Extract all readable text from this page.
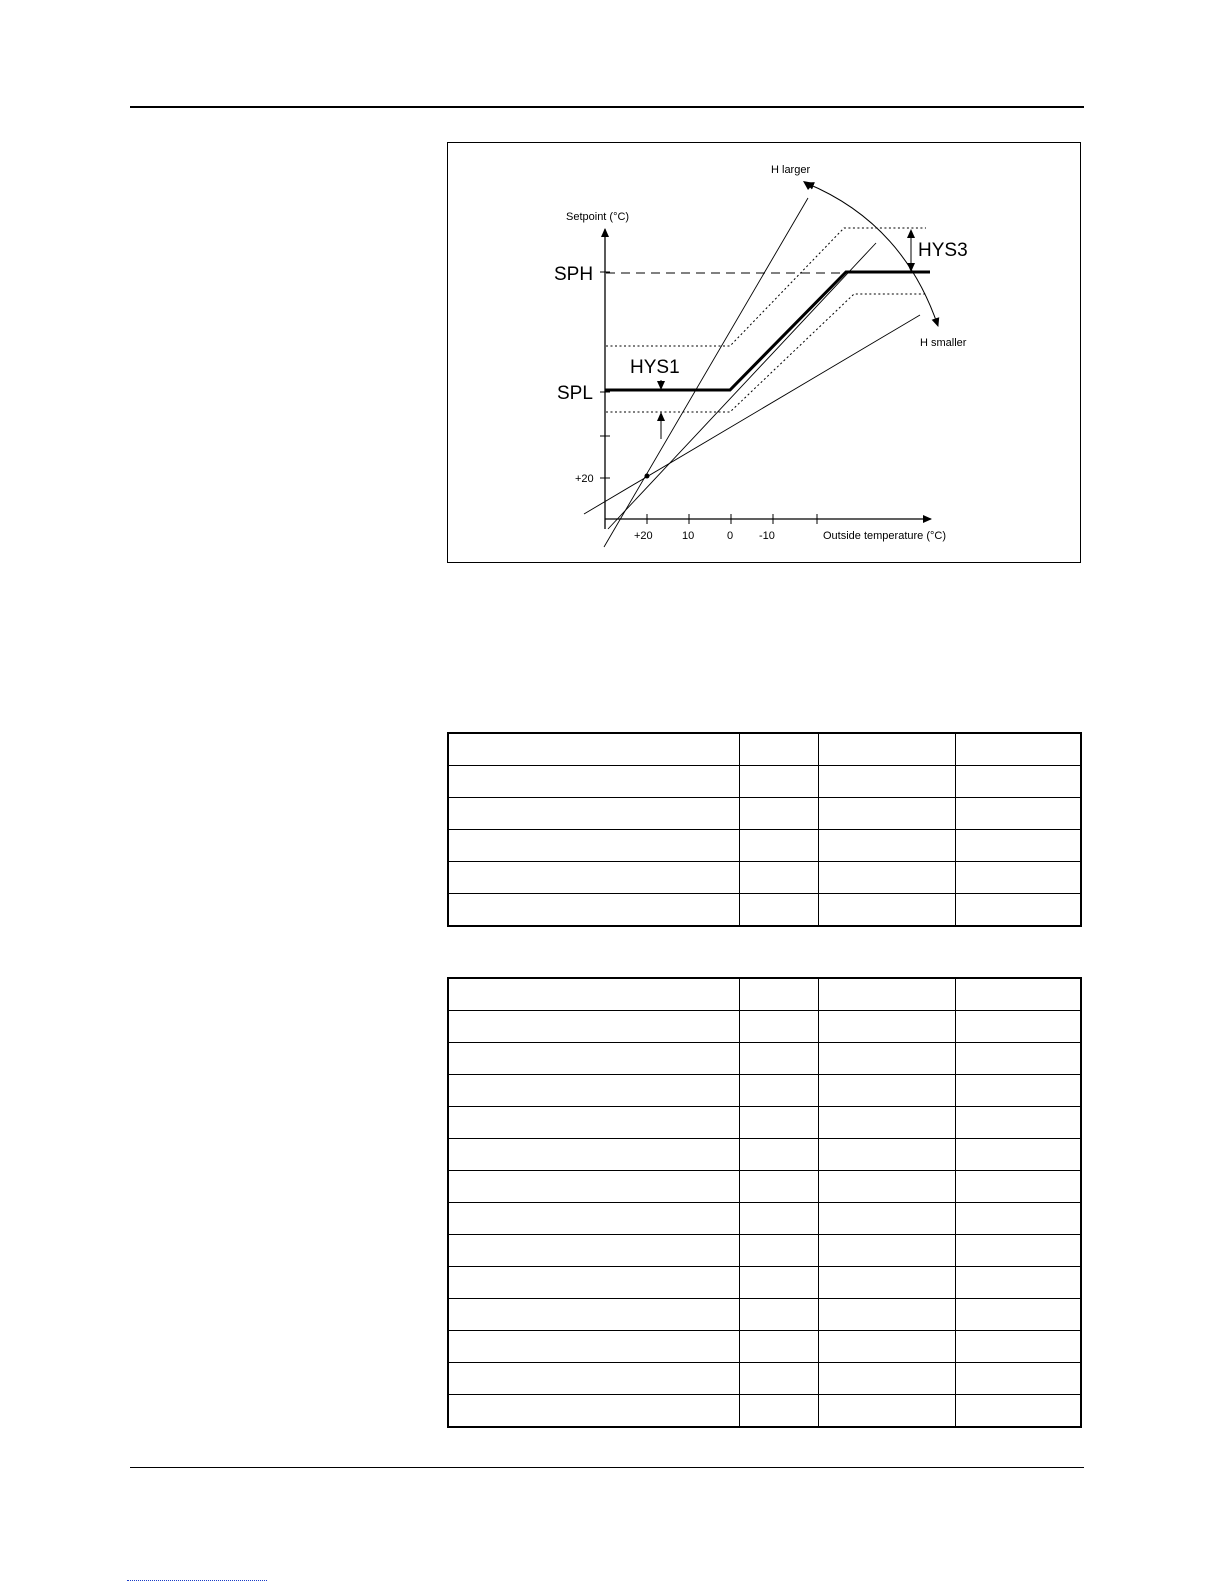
Setpoint (°C)
Outside temperature (°C)
SPH
SPL
HYS1
HYS3
H larger
H smaller
+20
+20	10	0 -10
